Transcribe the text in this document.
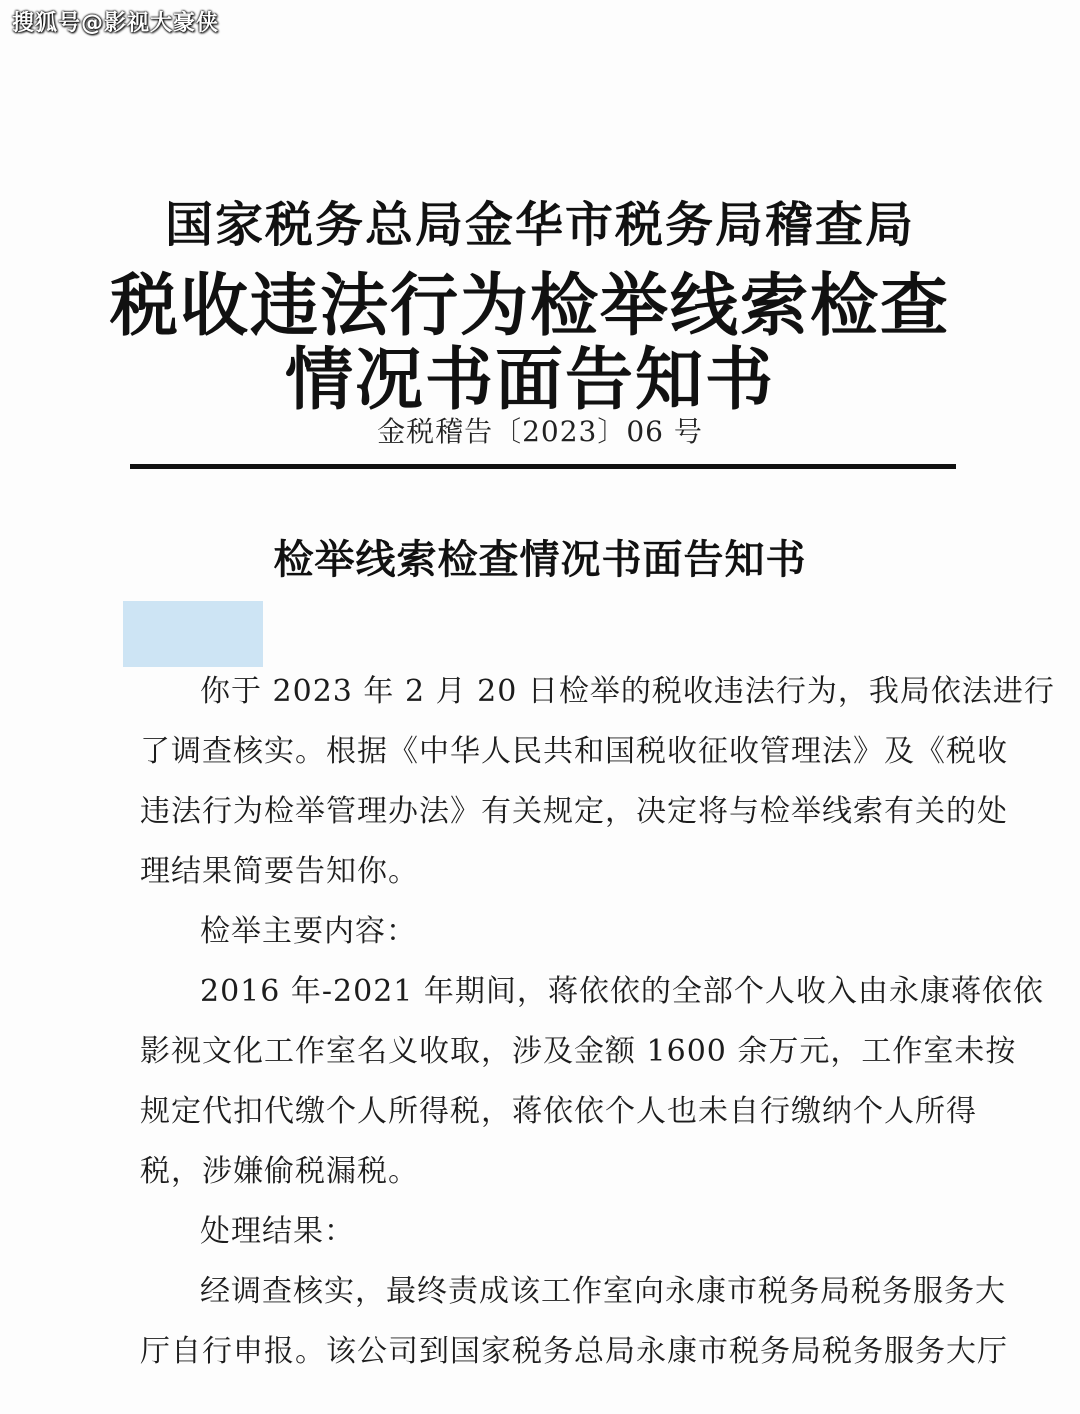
搜狐号@影视大豪侠
国家税务总局金华市税务局稽查局
税收违法行为检举线索检查
情况书面告知书
金税稽告〔2023〕06 号
检举线索检查情况书面告知书
你于 2023 年 2 月 20 日检举的税收违法行为，我局依法进行
了调查核实。根据《中华人民共和国税收征收管理法》及《税收
违法行为检举管理办法》有关规定，决定将与检举线索有关的处
理结果简要告知你。
检举主要内容：
2016 年-2021 年期间，蒋依依的全部个人收入由永康蒋依依
影视文化工作室名义收取，涉及金额 1600 余万元，工作室未按
规定代扣代缴个人所得税，蒋依依个人也未自行缴纳个人所得
税，涉嫌偷税漏税。
处理结果：
经调查核实，最终责成该工作室向永康市税务局税务服务大
厅自行申报。该公司到国家税务总局永康市税务局税务服务大厅
